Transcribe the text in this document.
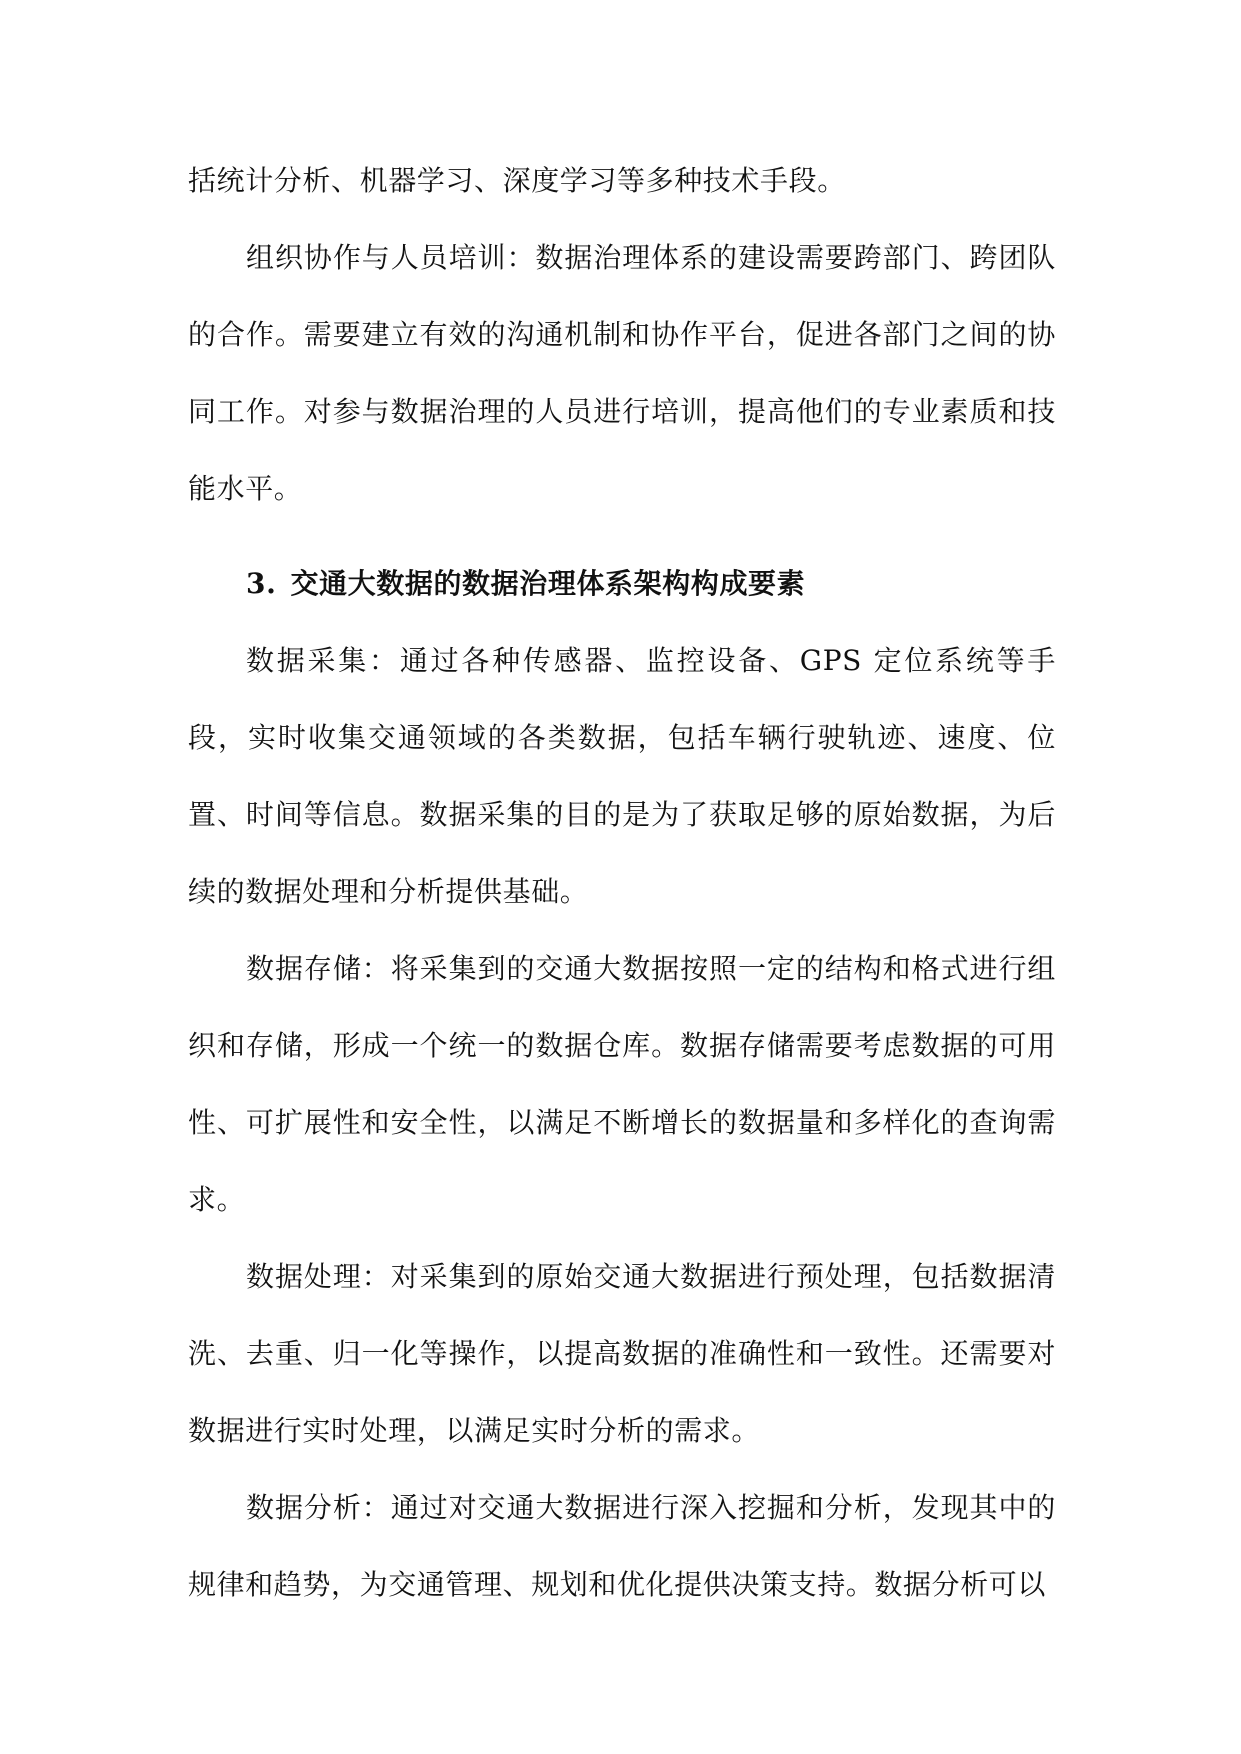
括统计分析、机器学习、深度学习等多种技术手段。

组织协作与人员培训：数据治理体系的建设需要跨部门、跨团队的合作。需要建立有效的沟通机制和协作平台，促进各部门之间的协同工作。对参与数据治理的人员进行培训，提高他们的专业素质和技能水平。

3. 交通大数据的数据治理体系架构构成要素

数据采集：通过各种传感器、监控设备、GPS 定位系统等手段，实时收集交通领域的各类数据，包括车辆行驶轨迹、速度、位置、时间等信息。数据采集的目的是为了获取足够的原始数据，为后续的数据处理和分析提供基础。

数据存储：将采集到的交通大数据按照一定的结构和格式进行组织和存储，形成一个统一的数据仓库。数据存储需要考虑数据的可用性、可扩展性和安全性，以满足不断增长的数据量和多样化的查询需求。

数据处理：对采集到的原始交通大数据进行预处理，包括数据清洗、去重、归一化等操作，以提高数据的准确性和一致性。还需要对数据进行实时处理，以满足实时分析的需求。

数据分析：通过对交通大数据进行深入挖掘和分析，发现其中的规律和趋势，为交通管理、规划和优化提供决策支持。数据分析可以
